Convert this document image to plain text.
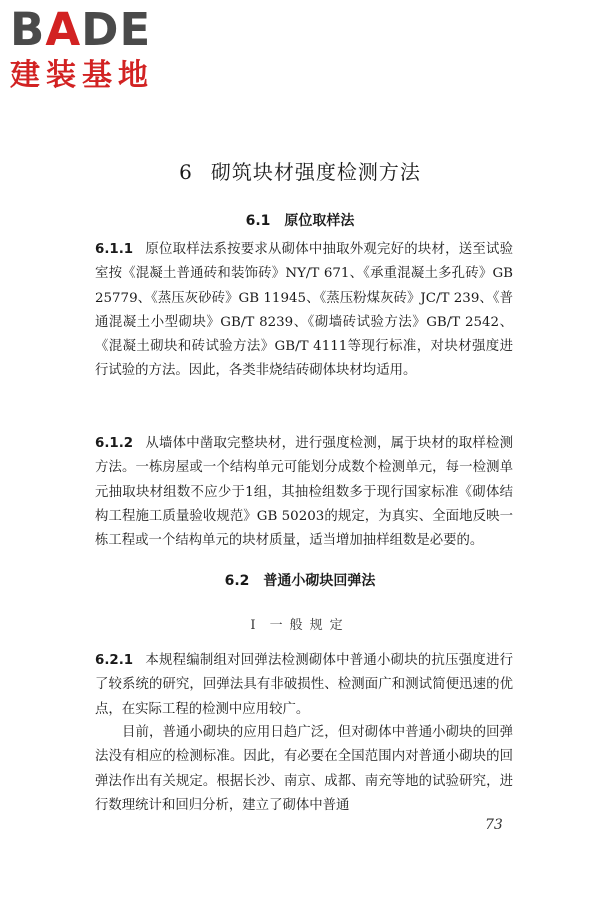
BADE
建装基地
6 砌筑块材强度检测方法
6.1 原位取样法

6.1.1 原位取样法系按要求从砌体中抽取外观完好的块材，送至试验室按《混凝土普通砖和装饰砖》NY/T 671、《承重混凝土多孔砖》GB 25779、《蒸压灰砂砖》GB 11945、《蒸压粉煤灰砖》JC/T 239、《普通混凝土小型砌块》GB/T 8239、《砌墙砖试验方法》GB/T 2542、《混凝土砌块和砖试验方法》GB/T 4111等现行标准，对块材强度进行试验的方法。因此，各类非烧结砖砌体块材均适用。

6.1.2 从墙体中凿取完整块材，进行强度检测，属于块材的取样检测方法。一栋房屋或一个结构单元可能划分成数个检测单元，每一检测单元抽取块材组数不应少于1组，其抽检组数多于现行国家标准《砌体结构工程施工质量验收规范》GB 50203的规定，为真实、全面地反映一栋工程或一个结构单元的块材质量，适当增加抽样组数是必要的。

6.2 普通小砌块回弹法
Ⅰ 一般规定

6.2.1 本规程编制组对回弹法检测砌体中普通小砌块的抗压强度进行了较系统的研究，回弹法具有非破损性、检测面广和测试简便迅速的优点，在实际工程的检测中应用较广。

目前，普通小砌块的应用日趋广泛，但对砌体中普通小砌块的回弹法没有相应的检测标准。因此，有必要在全国范围内对普通小砌块的回弹法作出有关规定。根据长沙、南京、成都、南充等地的试验研究，进行数理统计和回归分析，建立了砌体中普通

73
